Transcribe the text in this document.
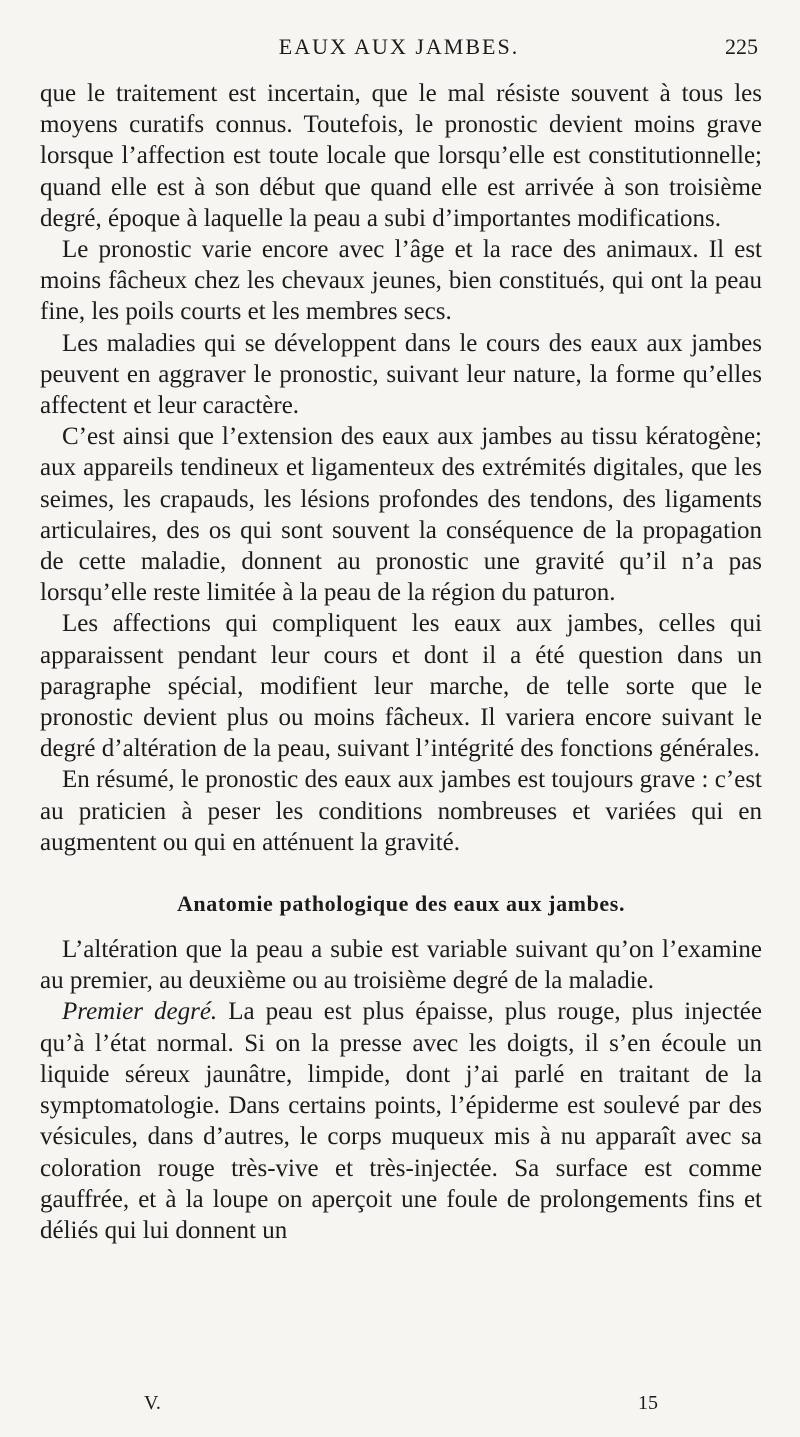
EAUX AUX JAMBES.	225

que le traitement est incertain, que le mal résiste souvent à tous les moyens curatifs connus. Toutefois, le pronostic devient moins grave lorsque l’affection est toute locale que lorsqu’elle est constitutionnelle; quand elle est à son début que quand elle est arrivée à son troisième degré, époque à laquelle la peau a subi d’importantes modifications.

Le pronostic varie encore avec l’âge et la race des animaux. Il est moins fâcheux chez les chevaux jeunes, bien constitués, qui ont la peau fine, les poils courts et les membres secs.

Les maladies qui se développent dans le cours des eaux aux jambes peuvent en aggraver le pronostic, suivant leur nature, la forme qu’elles affectent et leur caractère.

C’est ainsi que l’extension des eaux aux jambes au tissu kératogène; aux appareils tendineux et ligamenteux des extrémités digitales, que les seimes, les crapauds, les lésions profondes des tendons, des ligaments articulaires, des os qui sont souvent la conséquence de la propagation de cette maladie, donnent au pronostic une gravité qu’il n’a pas lorsqu’elle reste limitée à la peau de la région du paturon.

Les affections qui compliquent les eaux aux jambes, celles qui apparaissent pendant leur cours et dont il a été question dans un paragraphe spécial, modifient leur marche, de telle sorte que le pronostic devient plus ou moins fâcheux. Il variera encore suivant le degré d’altération de la peau, suivant l’intégrité des fonctions générales.

En résumé, le pronostic des eaux aux jambes est toujours grave : c’est au praticien à peser les conditions nombreuses et variées qui en augmentent ou qui en atténuent la gravité.

Anatomie pathologique des eaux aux jambes.

L’altération que la peau a subie est variable suivant qu’on l’examine au premier, au deuxième ou au troisième degré de la maladie.

Premier degré. La peau est plus épaisse, plus rouge, plus injectée qu’à l’état normal. Si on la presse avec les doigts, il s’en écoule un liquide séreux jaunâtre, limpide, dont j’ai parlé en traitant de la symptomatologie. Dans certains points, l’épiderme est soulevé par des vésicules, dans d’autres, le corps muqueux mis à nu apparaît avec sa coloration rouge très-vive et très-injectée. Sa surface est comme gauffrée, et à la loupe on aperçoit une foule de prolongements fins et déliés qui lui donnent un

V.	15
